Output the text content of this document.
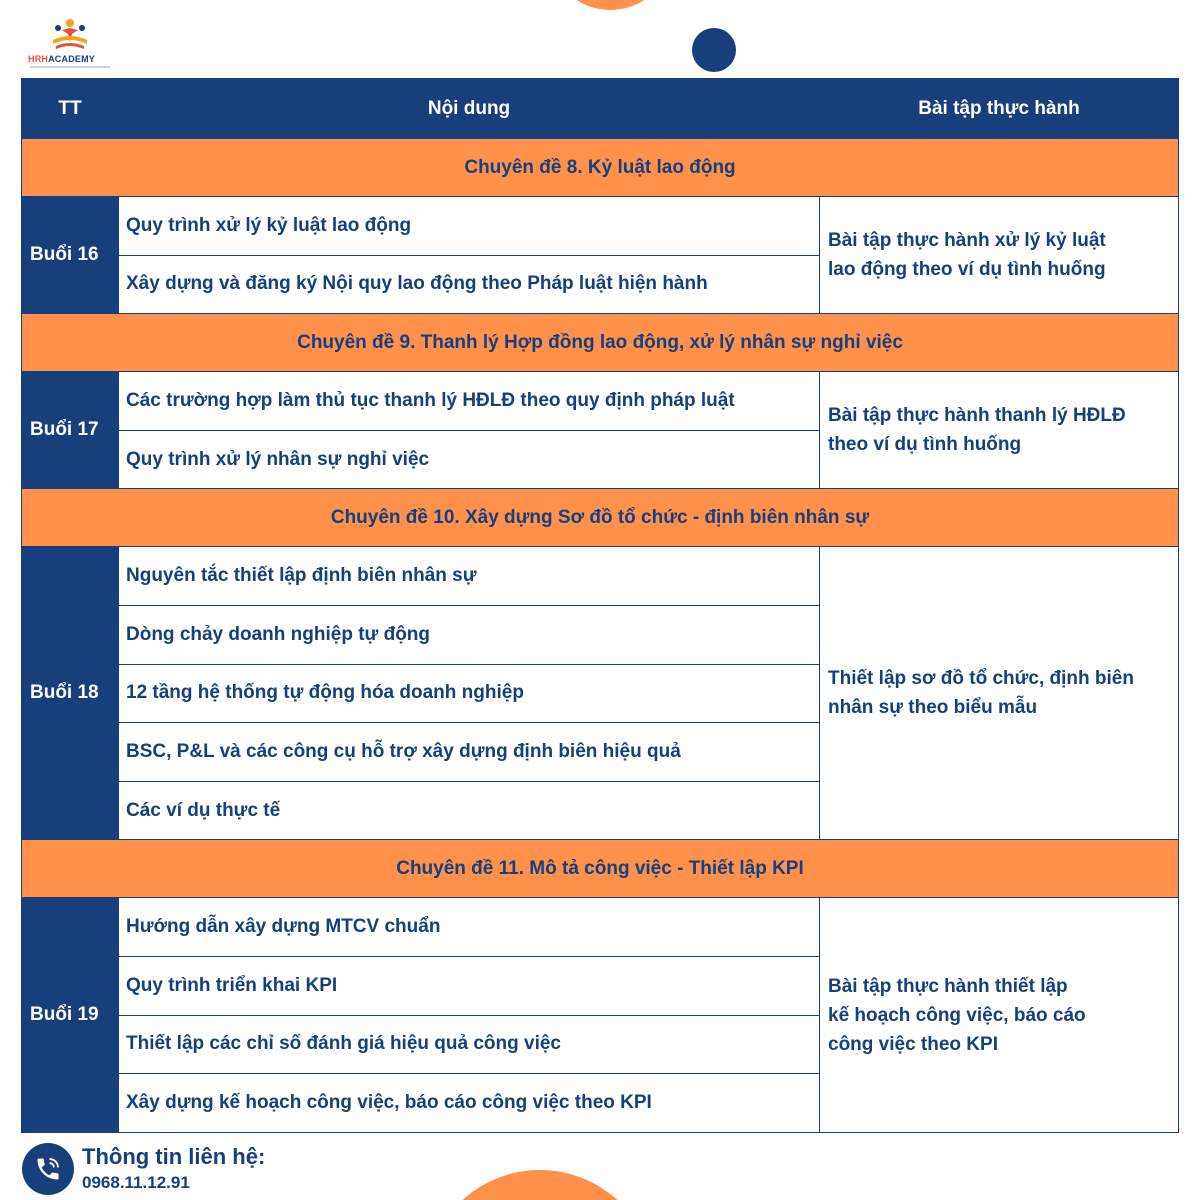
HRHACADEMY
TT	Nội dung	Bài tập thực hành
Chuyên đề 8. Kỷ luật lao động		
Buổi 16	Quy trình xử lý kỷ luật lao động	Bài tập thực hành xử lý kỷ luật
lao động theo ví dụ tình huống

	Xây dựng và đăng ký Nội quy lao động theo Pháp luật hiện hành	
Chuyên đề 9. Thanh lý Hợp đồng lao động, xử lý nhân sự nghỉ việc		
Buổi 17	Các trường hợp làm thủ tục thanh lý HĐLĐ theo quy định pháp luật	Bài tập thực hành thanh lý HĐLĐ
theo ví dụ tình huống

	Quy trình xử lý nhân sự nghỉ việc	
Chuyên đề 10. Xây dựng Sơ đồ tổ chức - định biên nhân sự		
Buổi 18	Nguyên tắc thiết lập định biên nhân sự	Thiết lập sơ đồ tổ chức, định biên
nhân sự theo biểu mẫu

	Dòng chảy doanh nghiệp tự động	
	12 tầng hệ thống tự động hóa doanh nghiệp	
	BSC, P&L và các công cụ hỗ trợ xây dựng định biên hiệu quả	
	Các ví dụ thực tế	
Chuyên đề 11. Mô tả công việc - Thiết lập KPI		
Buổi 19	Hướng dẫn xây dựng MTCV chuẩn	Bài tập thực hành thiết lập
kế hoạch công việc, báo cáo
công việc theo KPI

	Quy trình triển khai KPI	
	Thiết lập các chỉ số đánh giá hiệu quả công việc	
	Xây dựng kế hoạch công việc, báo cáo công việc theo KPI	
Thông tin liên hệ:
0968.11.12.91
